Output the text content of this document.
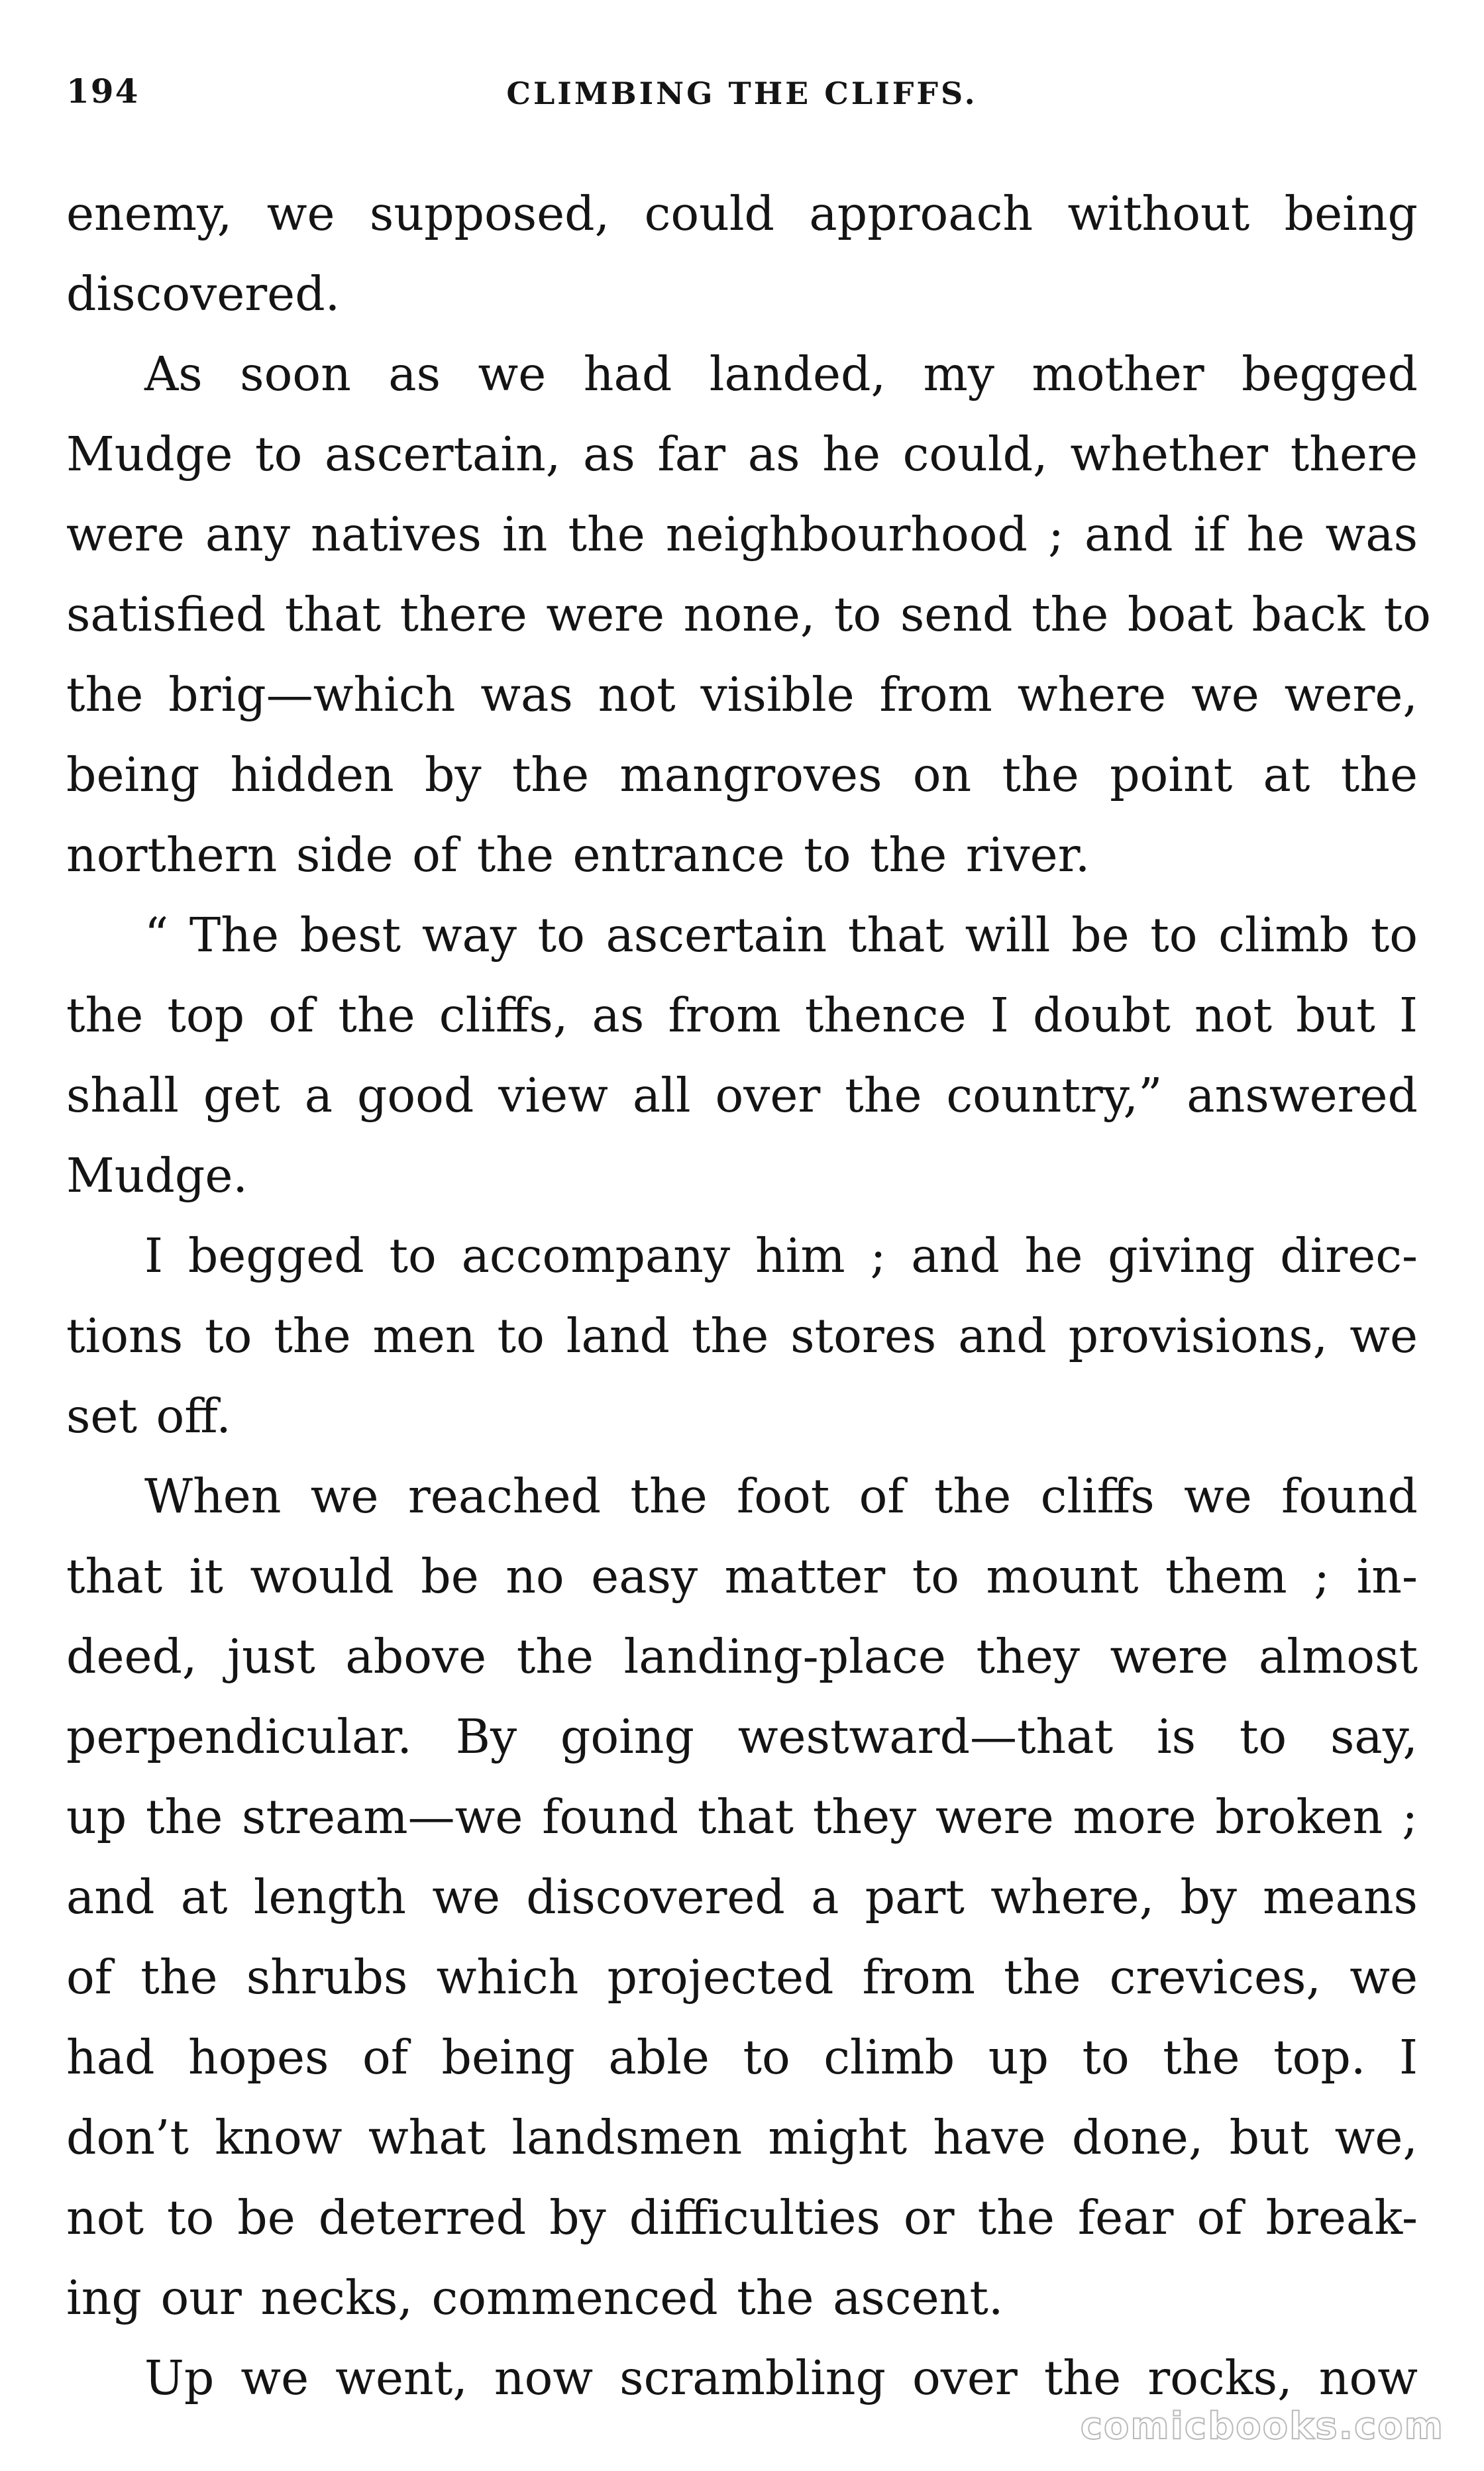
194	CLIMBING THE CLIFFS.
enemy, we supposed, could approach without being
discovered.
As soon as we had landed, my mother begged
Mudge to ascertain, as far as he could, whether there
were any natives in the neighbourhood ; and if he was
satisfied that there were none, to send the boat back to
the brig—which was not visible from where we were,
being hidden by the mangroves on the point at the
northern side of the entrance to the river.
“ The best way to ascertain that will be to climb to
the top of the cliffs, as from thence I doubt not but I
shall get a good view all over the country,” answered
Mudge.
I begged to accompany him ; and he giving direc-
tions to the men to land the stores and provisions, we
set off.
When we reached the foot of the cliffs we found
that it would be no easy matter to mount them ; in-
deed, just above the landing-place they were almost
perpendicular. By going westward—that is to say,
up the stream—we found that they were more broken ;
and at length we discovered a part where, by means
of the shrubs which projected from the crevices, we
had hopes of being able to climb up to the top. I
don’t know what landsmen might have done, but we,
not to be deterred by difficulties or the fear of break-
ing our necks, commenced the ascent.
Up we went, now scrambling over the rocks, now
comicbooks.com
